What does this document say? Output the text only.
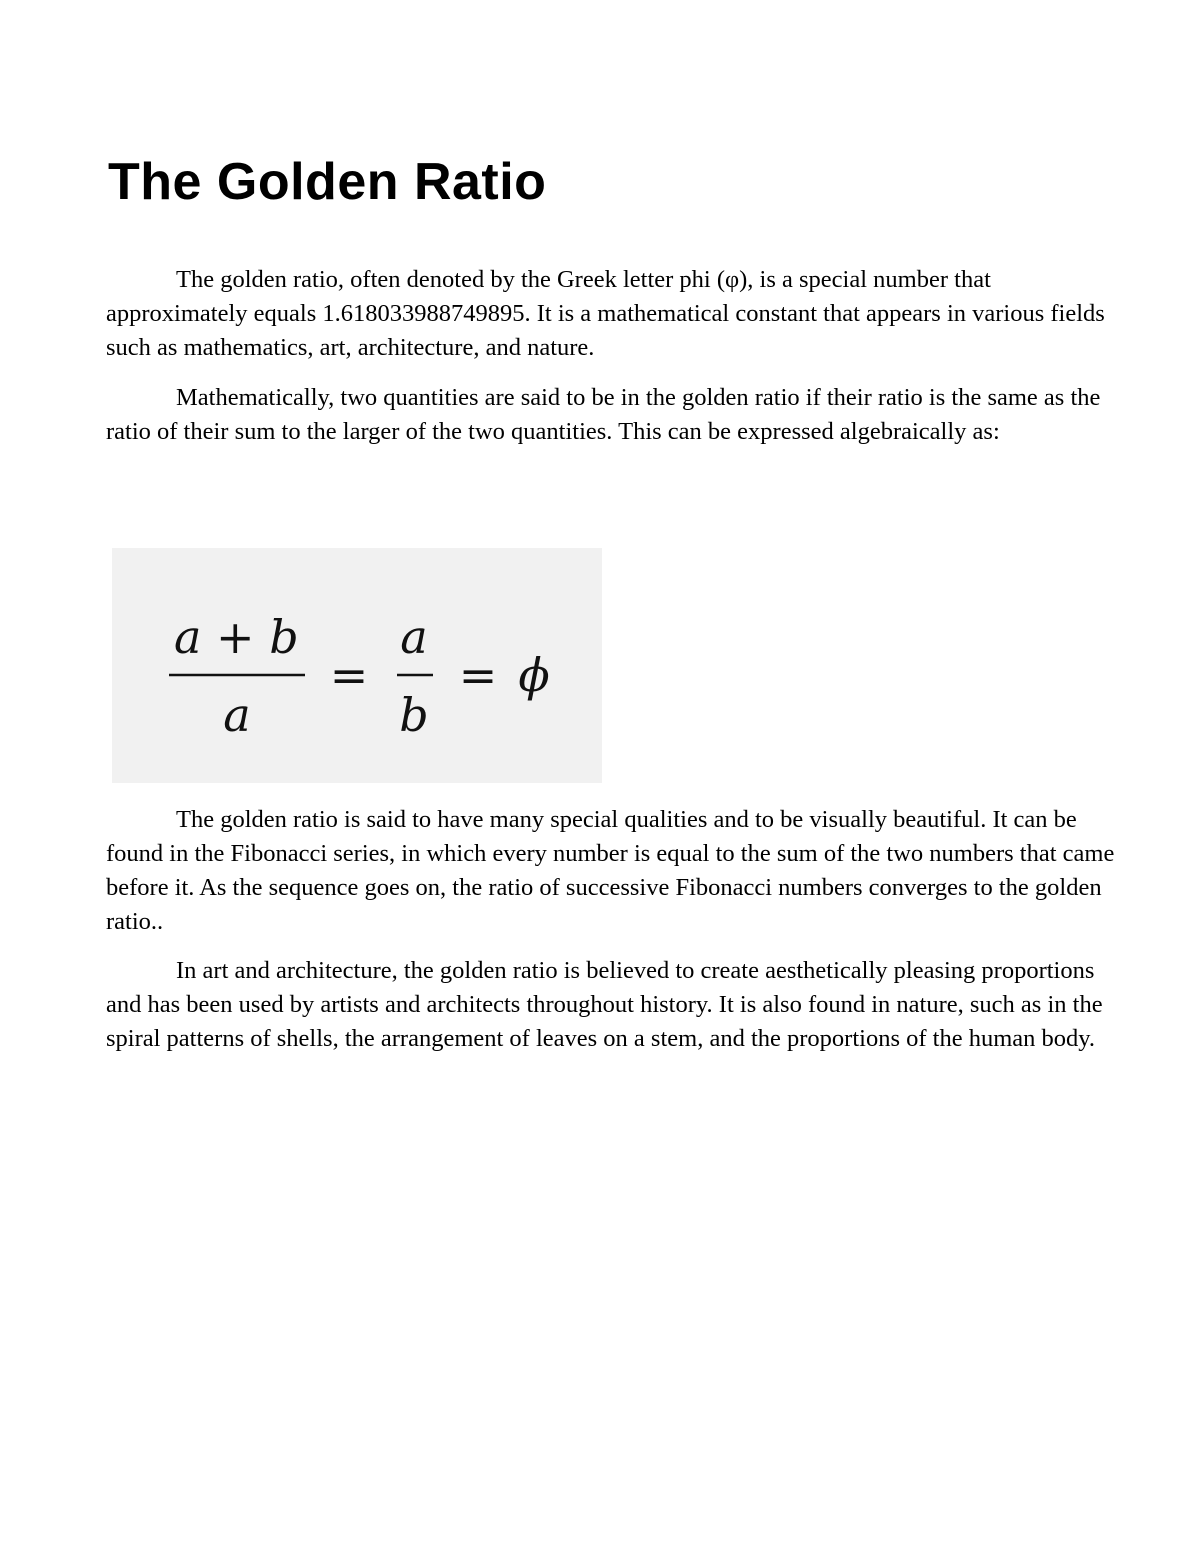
The Golden Ratio

The golden ratio, often denoted by the Greek letter phi (φ), is a special number that approximately equals 1.618033988749895. It is a mathematical constant that appears in various fields such as mathematics, art, architecture, and nature.

Mathematically, two quantities are said to be in the golden ratio if their ratio is the same as the ratio of their sum to the larger of the two quantities. This can be expressed algebraically as:

a + b
a
=
a
b
= ϕ

The golden ratio is said to have many special qualities and to be visually beautiful. It can be found in the Fibonacci series, in which every number is equal to the sum of the two numbers that came before it. As the sequence goes on, the ratio of successive Fibonacci numbers converges to the golden ratio..

In art and architecture, the golden ratio is believed to create aesthetically pleasing proportions and has been used by artists and architects throughout history. It is also found in nature, such as in the spiral patterns of shells, the arrangement of leaves on a stem, and the proportions of the human body.
